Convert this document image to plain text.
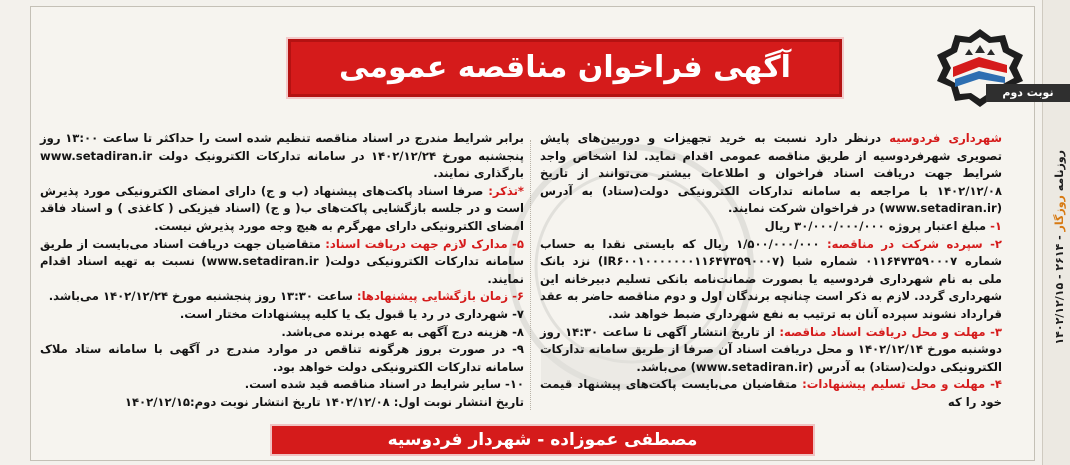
آگهی فراخوان مناقصه عمومی

شهرداری فردوسیه درنظر دارد نسبت به خرید تجهیزات و دوربین‌های پایش تصویری شهرفردوسیه از طریق مناقصه عمومی اقدام نماید. لذا اشخاص واجد شرایط جهت دریافت اسناد فراخوان و اطلاعات بیشتر می‌توانند از تاریخ ۱۴۰۲/۱۲/۰۸ با مراجعه به سامانه تدارکات الکترونیکی دولت(ستاد) به آدرس (www.setadiran.ir) در فراخوان شرکت نمایند.

۱- مبلغ اعتبار پروژه ۳۰/۰۰۰/۰۰۰/۰۰۰ ریال

۲- سپرده شرکت در مناقصه: ۱/۵۰۰/۰۰۰/۰۰۰ ریال که بایستی نقدا به حساب شماره ۰۱۱۶۴۷۳۵۹۰۰۰۷ شماره شبا (IR۶۰۰۱۰۰۰۰۰۰۰۱۱۶۴۷۳۵۹۰۰۰۷) نزد بانک ملی به نام شهرداری فردوسیه یا بصورت ضمانت‌نامه بانکی تسلیم دبیرخانه این شهرداری گردد. لازم به ذکر است چنانچه برندگان اول و دوم مناقصه حاضر به عقد قرارداد نشوند سپرده آنان به ترتیب به نفع شهرداری ضبط خواهد شد.

۳- مهلت و محل دریافت اسناد مناقصه: از تاریخ انتشار آگهی تا ساعت ۱۴:۳۰ روز دوشنبه مورخ ۱۴۰۲/۱۲/۱۴ و محل دریافت اسناد آن صرفا از طریق سامانه تدارکات الکترونیکی دولت(ستاد) به آدرس (www.setadiran.ir) می‌باشد.

۴- مهلت و محل تسلیم پیشنهادات: متقاضیان می‌بایست پاکت‌های پیشنهاد قیمت خود را که

برابر شرایط مندرج در اسناد مناقصه تنظیم شده است را حداکثر تا ساعت ۱۳:۰۰ روز پنجشنبه مورخ ۱۴۰۲/۱۲/۲۴ در سامانه تدارکات الکترونیک دولت www.setadiran.ir بارگذاری نمایند.

*تذکر: صرفا اسناد پاکت‌های پیشنهاد (ب و ج) دارای امضای الکترونیکی مورد پذیرش است و در جلسه بازگشایی پاکت‌های ب( و ج) (اسناد فیزیکی ( کاغذی ) و اسناد فاقد امضای الکترونیکی دارای مهرگرم به هیچ وجه مورد پذیرش نیست.

۵- مدارک لازم جهت دریافت اسناد: متقاضیان جهت دریافت اسناد می‌بایست از طریق سامانه تدارکات الکترونیکی دولت( www.setadiran.ir) نسبت به تهیه اسناد اقدام نمایند.

۶- زمان بازگشایی پیشنهادها: ساعت ۱۳:۳۰ روز پنجشنبه مورخ ۱۴۰۲/۱۲/۲۴ می‌باشد.

۷- شهرداری در رد یا قبول یک یا کلیه پیشنهادات مختار است.

۸- هزینه درج آگهی به عهده برنده می‌باشد.

۹- در صورت بروز هرگونه تناقص در موارد مندرج در آگهی با سامانه ستاد ملاک سامانه تدارکات الکترونیکی دولت خواهد بود.

۱۰- سایر شرایط در اسناد مناقصه قید شده است.

تاریخ انتشار نوبت اول: ۱۴۰۲/۱۲/۰۸ تاریخ انتشار نوبت دوم:۱۴۰۲/۱۲/۱۵

مصطفی عموزاده - شهردار فردوسیه
روزنامه روزگار - ۲۶۱۴ - ۱۴۰۲/۱۲/۱۵
نوبت دوم
